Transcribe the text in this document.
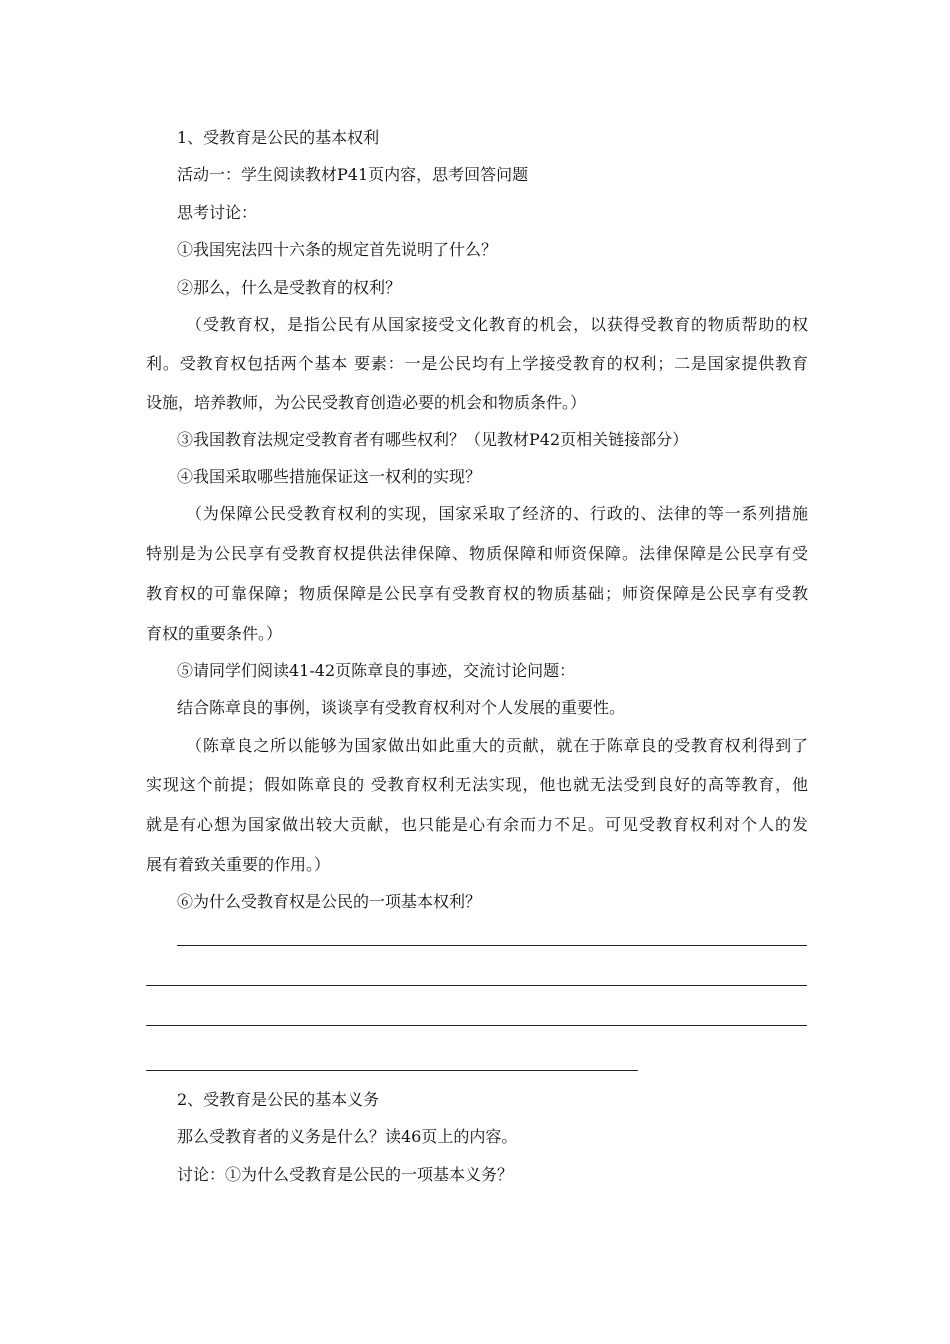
1、受教育是公民的基本权利
活动一：学生阅读教材P41页内容，思考回答问题
思考讨论：
①我国宪法四十六条的规定首先说明了什么？
②那么，什么是受教育的权利？
（受教育权，是指公民有从国家接受文化教育的机会，以获得受教育的物质帮助的权
利。受教育权包括两个基本 要素：一是公民均有上学接受教育的权利；二是国家提供教育
设施，培养教师，为公民受教育创造必要的机会和物质条件。）
③我国教育法规定受教育者有哪些权利？（见教材P42页相关链接部分）
④我国采取哪些措施保证这一权利的实现？
（为保障公民受教育权利的实现，国家采取了经济的、行政的、法律的等一系列措施
特别是为公民享有受教育权提供法律保障、物质保障和师资保障。法律保障是公民享有受
教育权的可靠保障；物质保障是公民享有受教育权的物质基础；师资保障是公民享有受教
育权的重要条件。）
⑤请同学们阅读41-42页陈章良的事迹，交流讨论问题：
结合陈章良的事例，谈谈享有受教育权利对个人发展的重要性。
（陈章良之所以能够为国家做出如此重大的贡献，就在于陈章良的受教育权利得到了
实现这个前提；假如陈章良的 受教育权利无法实现，他也就无法受到良好的高等教育，他
就是有心想为国家做出较大贡献，也只能是心有余而力不足。可见受教育权利对个人的发
展有着致关重要的作用。）
⑥为什么受教育权是公民的一项基本权利？
2、受教育是公民的基本义务
那么受教育者的义务是什么？读46页上的内容。
讨论：①为什么受教育是公民的一项基本义务？
